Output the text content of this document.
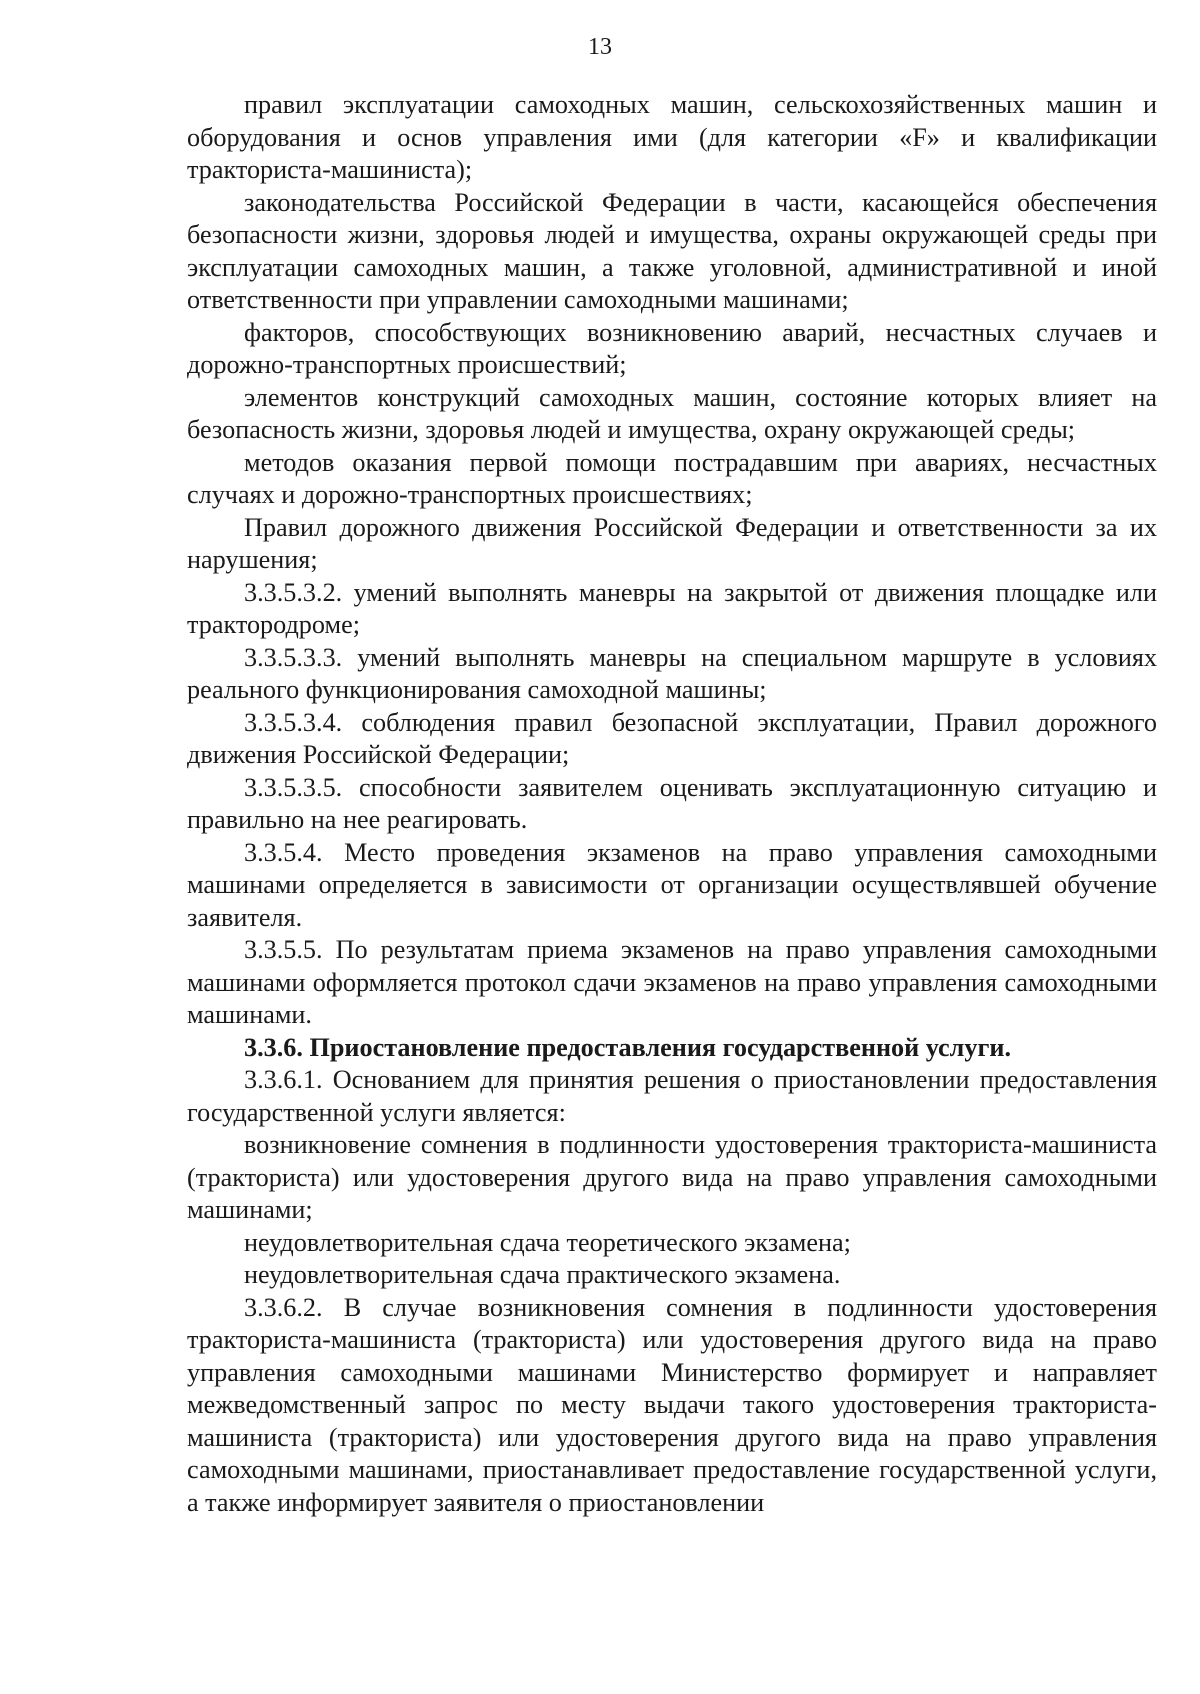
13

правил эксплуатации самоходных машин, сельскохозяйственных машин и оборудования и основ управления ими (для категории «F» и квалификации тракториста-машиниста);

законодательства Российской Федерации в части, касающейся обеспечения безопасности жизни, здоровья людей и имущества, охраны окружающей среды при эксплуатации самоходных машин, а также уголовной, административной и иной ответственности при управлении самоходными машинами;

факторов, способствующих возникновению аварий, несчастных случаев и дорожно-транспортных происшествий;

элементов конструкций самоходных машин, состояние которых влияет на безопасность жизни, здоровья людей и имущества, охрану окружающей среды;

методов оказания первой помощи пострадавшим при авариях, несчастных случаях и дорожно-транспортных происшествиях;

Правил дорожного движения Российской Федерации и ответственности за их нарушения;

3.3.5.3.2. умений выполнять маневры на закрытой от движения площадке или трактородроме;

3.3.5.3.3. умений выполнять маневры на специальном маршруте в условиях реального функционирования самоходной машины;

3.3.5.3.4. соблюдения правил безопасной эксплуатации, Правил дорожного движения Российской Федерации;

3.3.5.3.5. способности заявителем оценивать эксплуатационную ситуацию и правильно на нее реагировать.

3.3.5.4. Место проведения экзаменов на право управления самоходными машинами определяется в зависимости от организации осуществлявшей обучение заявителя.

3.3.5.5. По результатам приема экзаменов на право управления самоходными машинами оформляется протокол сдачи экзаменов на право управления самоходными машинами.

3.3.6. Приостановление предоставления государственной услуги.

3.3.6.1. Основанием для принятия решения о приостановлении предоставления государственной услуги является:

возникновение сомнения в подлинности удостоверения тракториста-машиниста (тракториста) или удостоверения другого вида на право управления самоходными машинами;

неудовлетворительная сдача теоретического экзамена;

неудовлетворительная сдача практического экзамена.

3.3.6.2. В случае возникновения сомнения в подлинности удостоверения тракториста-машиниста (тракториста) или удостоверения другого вида на право управления самоходными машинами Министерство формирует и направляет межведомственный запрос по месту выдачи такого удостоверения тракториста-машиниста (тракториста) или удостоверения другого вида на право управления самоходными машинами, приостанавливает предоставление государственной услуги, а также информирует заявителя о приостановлении
